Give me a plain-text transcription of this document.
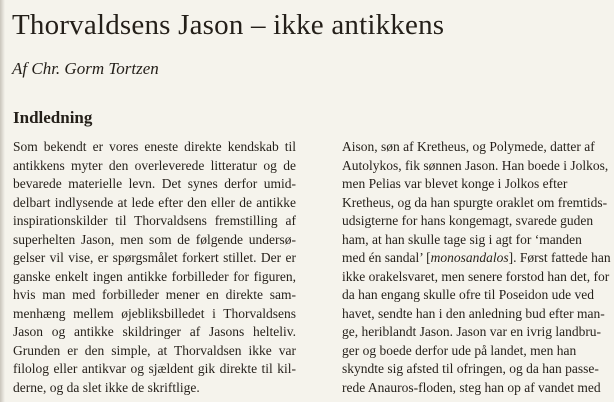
Thorvaldsens Jason – ikke antikkens
Af Chr. Gorm Tortzen
Indledning
Som bekendt er vores eneste direkte kendskab til
antikkens myter den overleverede litteratur og de
bevarede materielle levn. Det synes derfor umid-
delbart indlysende at lede efter den eller de antikke
inspirationskilder til Thorvaldsens fremstilling af
superhelten Jason, men som de følgende undersø-
gelser vil vise, er spørgsmålet forkert stillet. Der er
ganske enkelt ingen antikke forbilleder for figuren,
hvis man med forbilleder mener en direkte sam-
menhæng mellem øjebliksbilledet i Thorvaldsens
Jason og antikke skildringer af Jasons helteliv.
Grunden er den simple, at Thorvaldsen ikke var
filolog eller antikvar og sjældent gik direkte til kil-
derne, og da slet ikke de skriftlige.
Aison, søn af Kretheus, og Polymede, datter af
Autolykos, fik sønnen Jason. Han boede i Jolkos,
men Pelias var blevet konge i Jolkos efter
Kretheus, og da han spurgte oraklet om fremtids-
udsigterne for hans kongemagt, svarede guden
ham, at han skulle tage sig i agt for ‘manden
med én sandal’ [monosandalos]. Først fattede han
ikke orakelsvaret, men senere forstod han det, for
da han engang skulle ofre til Poseidon ude ved
havet, sendte han i den anledning bud efter man-
ge, heriblandt Jason. Jason var en ivrig landbru-
ger og boede derfor ude på landet, men han
skyndte sig afsted til ofringen, og da han passe-
rede Anauros-floden, steg han op af vandet med
